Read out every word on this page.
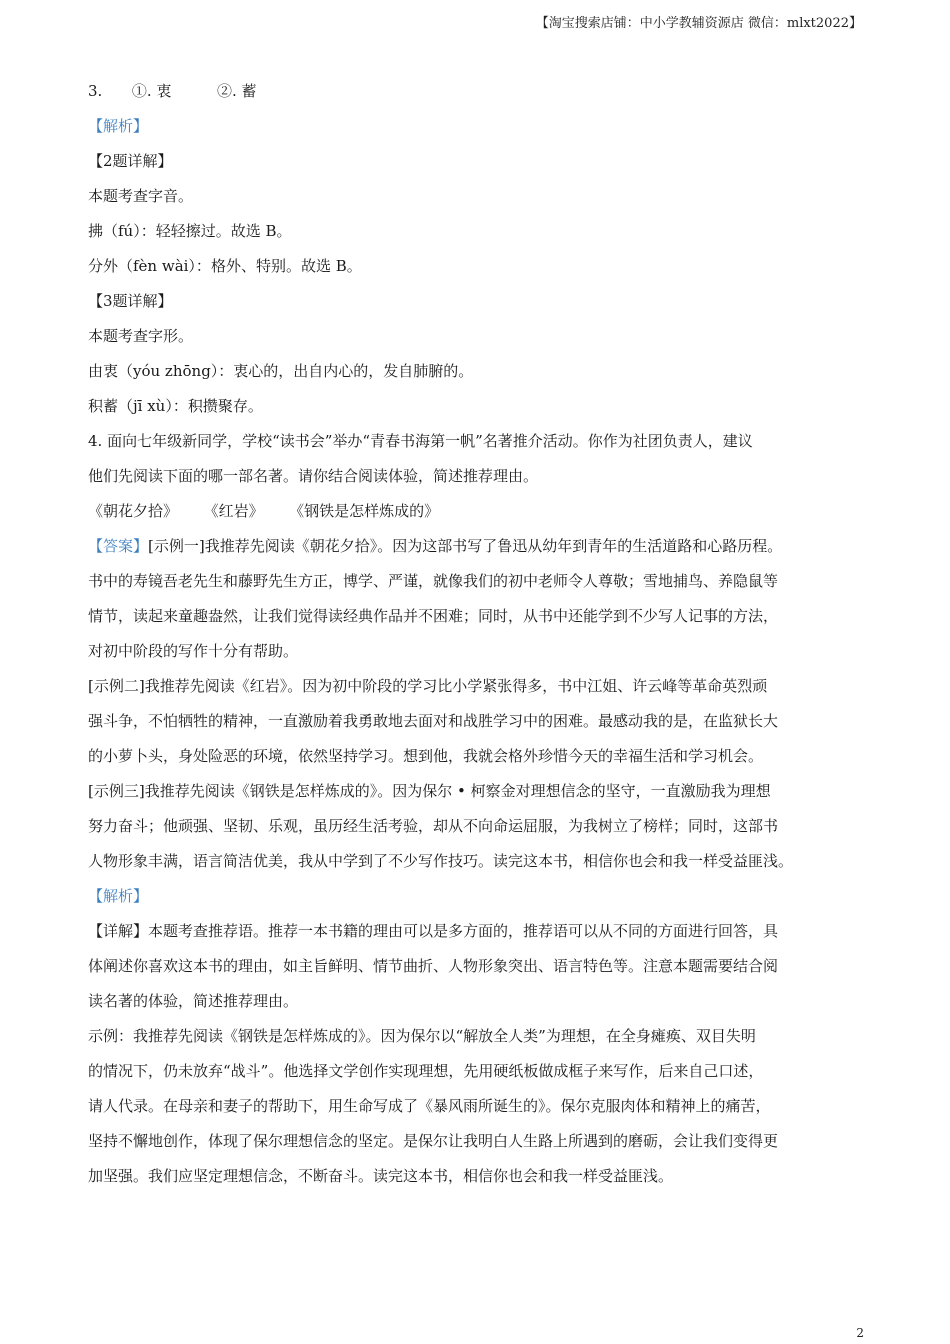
【淘宝搜索店铺：中小学教辅资源店 微信：mlxt2022】
3. ①. 衷	②. 蓄
【解析】
【2题详解】
本题考查字音。
拂（fú）：轻轻擦过。故选 B。
分外（fèn wài）：格外、特别。故选 B。
【3题详解】
本题考查字形。
由衷（yóu zhōng）：衷心的，出自内心的，发自肺腑的。
积蓄（jī xù）：积攒聚存。
4. 面向七年级新同学，学校“读书会”举办“青春书海第一帆”名著推介活动。你作为社团负责人，建议
他们先阅读下面的哪一部名著。请你结合阅读体验，简述推荐理由。
《朝花夕拾》 《红岩》 《钢铁是怎样炼成的》
【答案】[示例一]我推荐先阅读《朝花夕拾》。因为这部书写了鲁迅从幼年到青年的生活道路和心路历程。
书中的寿镜吾老先生和藤野先生方正，博学、严谨，就像我们的初中老师令人尊敬；雪地捕鸟、养隐鼠等
情节，读起来童趣盎然，让我们觉得读经典作品并不困难；同时，从书中还能学到不少写人记事的方法，
对初中阶段的写作十分有帮助。
[示例二]我推荐先阅读《红岩》。因为初中阶段的学习比小学紧张得多，书中江姐、许云峰等革命英烈顽
强斗争，不怕牺牲的精神，一直激励着我勇敢地去面对和战胜学习中的困难。最感动我的是，在监狱长大
的小萝卜头，身处险恶的环境，依然坚持学习。想到他，我就会格外珍惜今天的幸福生活和学习机会。
[示例三]我推荐先阅读《钢铁是怎样炼成的》。因为保尔 • 柯察金对理想信念的坚守，一直激励我为理想
努力奋斗；他顽强、坚韧、乐观，虽历经生活考验，却从不向命运屈服，为我树立了榜样；同时，这部书
人物形象丰满，语言简洁优美，我从中学到了不少写作技巧。读完这本书，相信你也会和我一样受益匪浅。
【解析】
【详解】本题考查推荐语。推荐一本书籍的理由可以是多方面的，推荐语可以从不同的方面进行回答，具
体阐述你喜欢这本书的理由，如主旨鲜明、情节曲折、人物形象突出、语言特色等。注意本题需要结合阅
读名著的体验，简述推荐理由。
示例：我推荐先阅读《钢铁是怎样炼成的》。因为保尔以“解放全人类”为理想，在全身瘫痪、双目失明
的情况下，仍未放弃“战斗”。他选择文学创作实现理想，先用硬纸板做成框子来写作，后来自己口述，
请人代录。在母亲和妻子的帮助下，用生命写成了《暴风雨所诞生的》。保尔克服肉体和精神上的痛苦，
坚持不懈地创作，体现了保尔理想信念的坚定。是保尔让我明白人生路上所遇到的磨砺，会让我们变得更
加坚强。我们应坚定理想信念，不断奋斗。读完这本书，相信你也会和我一样受益匪浅。
2
